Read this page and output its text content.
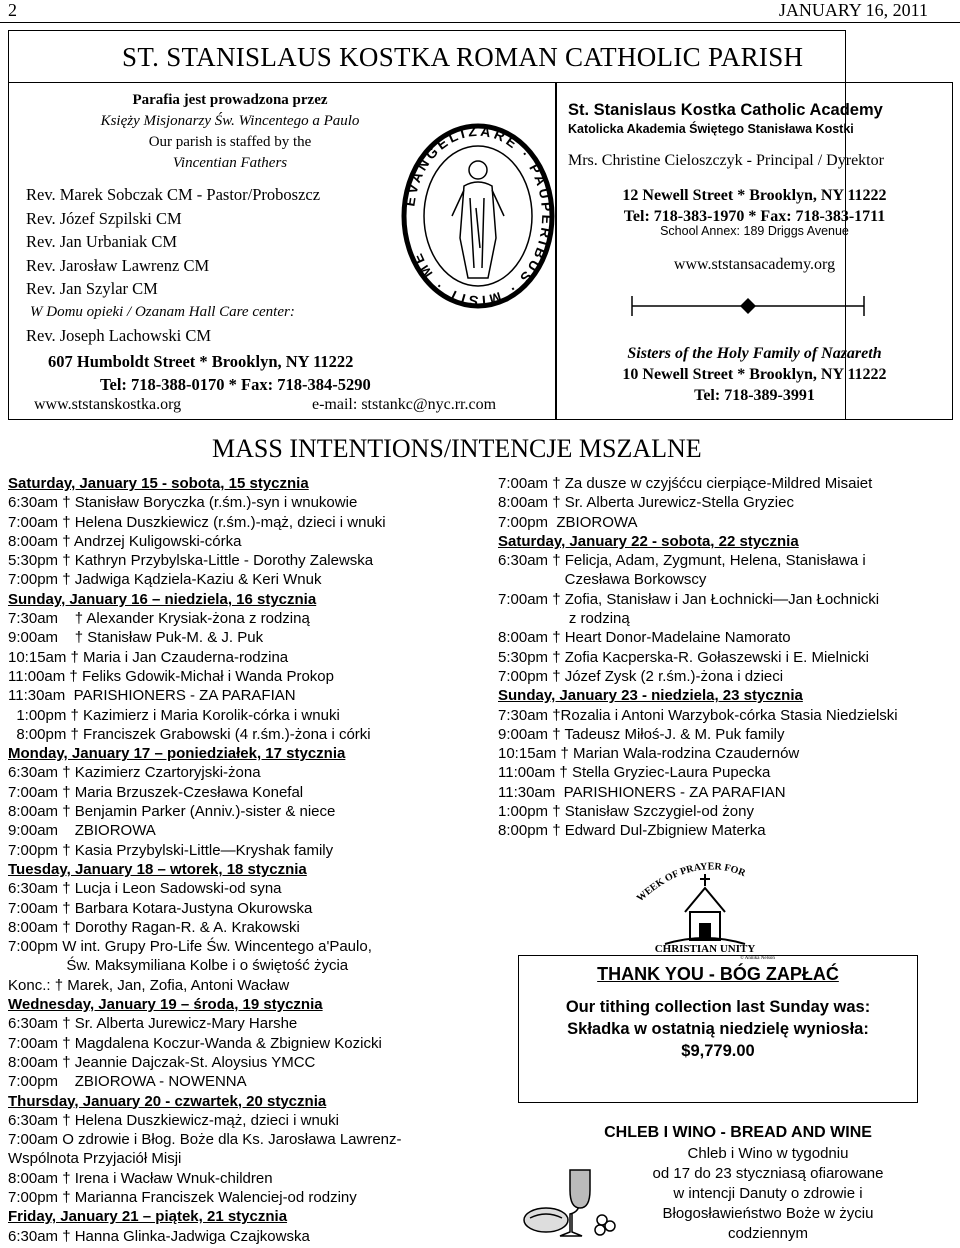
2	JANUARY 16, 2011
ST. STANISLAUS KOSTKA ROMAN CATHOLIC PARISH
Parafia jest prowadzona przez
Księży Misjonarzy Św. Wincentego a Paulo
Our parish is staffed by the
Vincentian Fathers
Rev. Marek Sobczak CM - Pastor/Proboszcz
Rev. Józef Szpilski CM
Rev. Jan Urbaniak CM
Rev. Jarosław Lawrenz CM
Rev. Jan Szylar CM
W Domu opieki / Ozanam Hall Care center:
Rev. Joseph Lachowski CM
EVANGELIZARE · PAUPERIBUS · MISIT · ME
607 Humboldt Street * Brooklyn, NY 11222
Tel: 718-388-0170 * Fax: 718-384-5290
www.ststanskostka.org	e-mail: ststankc@nyc.rr.com
St. Stanislaus Kostka Catholic Academy
Katolicka Akademia Świętego Stanisława Kostki
Mrs. Christine Cieloszczyk - Principal / Dyrektor
12 Newell Street * Brooklyn, NY 11222
Tel: 718-383-1970 * Fax: 718-383-1711
School Annex: 189 Driggs Avenue
www.ststansacademy.org
Sisters of the Holy Family of Nazareth
10 Newell Street * Brooklyn, NY 11222
Tel: 718-389-3991
MASS INTENTIONS/INTENCJE MSZALNE
Saturday, January 15 - sobota, 15 stycznia
6:30am † Stanisław Boryczka (r.śm.)-syn i wnukowie
7:00am † Helena Duszkiewicz (r.śm.)-mąż, dzieci i wnuki
8:00am † Andrzej Kuligowski-córka
5:30pm † Kathryn Przybylska-Little - Dorothy Zalewska
7:00pm † Jadwiga Kądziela-Kaziu & Keri Wnuk
Sunday, January 16 – niedziela, 16 stycznia
7:30am    † Alexander Krysiak-żona z rodziną
9:00am    † Stanisław Puk-M. & J. Puk
10:15am † Maria i Jan Czauderna-rodzina
11:00am † Feliks Gdowik-Michał i Wanda Prokop
11:30am  PARISHIONERS - ZA PARAFIAN
1:00pm † Kazimierz i Maria Korolik-córka i wnuki
8:00pm † Franciszek Grabowski (4 r.śm.)-żona i córki
Monday, January 17 – poniedziałek, 17 stycznia
6:30am † Kazimierz Czartoryjski-żona
7:00am † Maria Brzuszek-Czesława Konefal
8:00am † Benjamin Parker (Anniv.)-sister & niece
9:00am    ZBIOROWA
7:00pm † Kasia Przybylski-Little—Kryshak family
Tuesday, January 18 – wtorek, 18 stycznia
6:30am † Lucja i Leon Sadowski-od syna
7:00am † Barbara Kotara-Justyna Okurowska
8:00am † Dorothy Ragan-R. & A. Krakowski
7:00pm W int. Grupy Pro-Life Św. Wincentego a'Paulo,
Św. Maksymiliana Kolbe i o świętość życia
Konc.: † Marek, Jan, Zofia, Antoni Wacław
Wednesday, January 19 – środa, 19 stycznia
6:30am † Sr. Alberta Jurewicz-Mary Harshe
7:00am † Magdalena Koczur-Wanda & Zbigniew Kozicki
8:00am † Jeannie Dajczak-St. Aloysius YMCC
7:00pm    ZBIOROWA - NOWENNA
Thursday, January 20 - czwartek, 20 stycznia
6:30am † Helena Duszkiewicz-mąż, dzieci i wnuki
7:00am O zdrowie i Błog. Boże dla Ks. Jarosława Lawrenz-
Wspólnota Przyjaciół Misji
8:00am † Irena i Wacław Wnuk-children
7:00pm † Marianna Franciszek Walenciej-od rodziny
Friday, January 21 – piątek, 21 stycznia
6:30am † Hanna Glinka-Jadwiga Czajkowska
7:00am † Za dusze w czyjśćcu cierpiące-Mildred Misaiet
8:00am † Sr. Alberta Jurewicz-Stella Gryziec
7:00pm  ZBIOROWA
Saturday, January 22 - sobota, 22 stycznia
6:30am † Felicja, Adam, Zygmunt, Helena, Stanisława i
Czesława Borkowscy
7:00am † Zofia, Stanisław i Jan Łochnicki—Jan Łochnicki
z rodziną
8:00am † Heart Donor-Madelaine Namorato
5:30pm † Zofia Kacperska-R. Gołaszewski i E. Mielnicki
7:00pm † Józef Zysk (2 r.śm.)-żona i dzieci
Sunday, January 23 - niedziela, 23 stycznia
7:30am †Rozalia i Antoni Warzybok-córka Stasia Niedzielski
9:00am † Tadeusz Miłoś-J. & M. Puk family
10:15am † Marian Wala-rodzina Czaudernów
11:00am † Stella Gryziec-Laura Pupecka
11:30am  PARISHIONERS - ZA PARAFIAN
1:00pm † Stanisław Szczygiel-od żony
8:00pm † Edward Dul-Zbigniew Materka
WEEK OF PRAYER FOR
CHRISTIAN UNITY
© Annika Nelson
THANK YOU - BÓG ZAPŁAĆ
Our tithing collection last Sunday was:
Składka w ostatnią niedzielę wyniosła:
$9,779.00
CHLEB I WINO - BREAD AND WINE
Chleb i Wino w tygodniu
od 17 do 23 styczniasą ofiarowane
w intencji Danuty o zdrowie i
Błogosławieństwo Boże w życiu
codziennym
